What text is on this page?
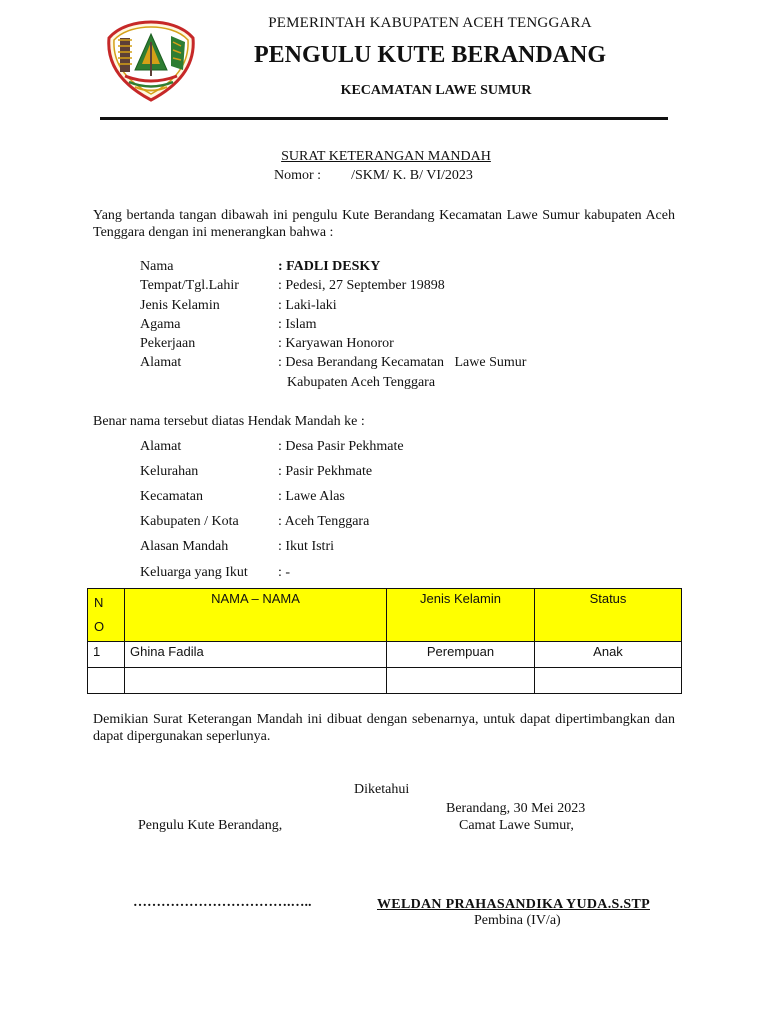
PEMERINTAH KABUPATEN ACEH TENGGARA
PENGULU KUTE BERANDANG
KECAMATAN LAWE SUMUR
SURAT KETERANGAN MANDAH
Nomor : /SKM/ K. B/ VI/2023
Yang bertanda tangan dibawah ini pengulu Kute Berandang Kecamatan Lawe Sumur kabupaten Aceh Tenggara dengan ini menerangkan bahwa :
Nama	: FADLI DESKY
Tempat/Tgl.Lahir	: Pedesi, 27 September 19898
Jenis Kelamin	: Laki-laki
Agama	: Islam
Pekerjaan	: Karyawan Honoror
Alamat	: Desa Berandang Kecamatan   Lawe Sumur
Kabupaten Aceh Tenggara
Benar nama tersebut diatas Hendak Mandah ke :
Alamat	: Desa Pasir Pekhmate
Kelurahan	: Pasir Pekhmate
Kecamatan	: Lawe Alas
Kabupaten / Kota	: Aceh Tenggara
Alasan Mandah	: Ikut Istri
Keluarga yang Ikut	: -
N
O	NAMA – NAMA	Jenis Kelamin	Status
1	Ghina Fadila	Perempuan	Anak

Demikian Surat Keterangan Mandah ini dibuat dengan sebenarnya, untuk dapat dipertimbangkan dan dapat dipergunakan seperlunya.
Diketahui
Berandang, 30 Mei 2023
Camat Lawe Sumur,
Pengulu Kute Berandang,
…………………………….…..	WELDAN PRAHASANDIKA YUDA.S.STP
Pembina (IV/a)
